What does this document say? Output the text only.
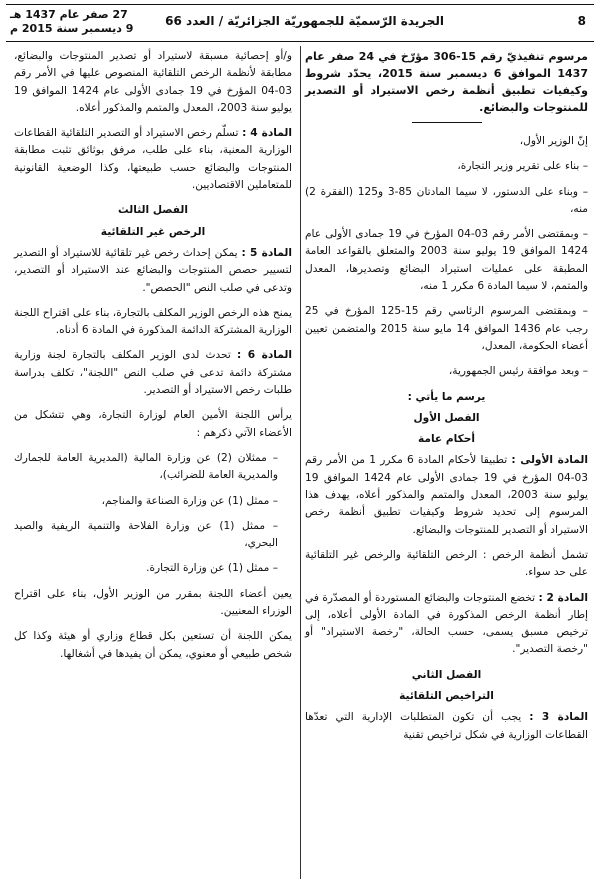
8
الجريدة الرّسميّة للجمهوريّة الجزائريّة / العدد 66
27 صفر عام 1437 هـ
9 ديسمبر سنة 2015 م

مرسوم تنفيذيّ رقم 15-306 مؤرّخ في 24 صفر عام 1437 الموافق 6 ديسمبر سنة 2015، يحدّد شروط وكيفيات تطبيق أنظمة رخص الاستيراد أو التصدير للمنتوجات والبضائع.

إنّ الوزير الأول،

– بناء على تقرير وزير التجارة،

– وبناء على الدستور، لا سيما المادتان 85-3 و125 (الفقرة 2) منه،

– وبمقتضى الأمر رقم 03-04 المؤرخ في 19 جمادى الأولى عام 1424 الموافق 19 يوليو سنة 2003 والمتعلق بالقواعد العامة المطبقة على عمليات استيراد البضائع وتصديرها، المعدل والمتمم، لا سيما المادة 6 مكرر 1 منه،

– وبمقتضى المرسوم الرئاسي رقم 15-125 المؤرخ في 25 رجب عام 1436 الموافق 14 مايو سنة 2015 والمتضمن تعيين أعضاء الحكومة، المعدل،

– وبعد موافقة رئيس الجمهورية،

يرسم ما يأتي :

الفصل الأول
أحكام عامة

المادة الأولى : تطبيقا لأحكام المادة 6 مكرر 1 من الأمر رقم 03-04 المؤرخ في 19 جمادى الأولى عام 1424 الموافق 19 يوليو سنة 2003، المعدل والمتمم والمذكور أعلاه، يهدف هذا المرسوم إلى تحديد شروط وكيفيات تطبيق أنظمة رخص الاستيراد أو التصدير للمنتوجات والبضائع.

تشمل أنظمة الرخص : الرخص التلقائية والرخص غير التلقائية على حد سواء.

المادة 2 : تخضع المنتوجات والبضائع المستوردة أو المصدّرة في إطار أنظمة الرخص المذكورة في المادة الأولى أعلاه، إلى ترخيص مسبق يسمى، حسب الحالة، "رخصة الاستيراد" أو "رخصة التصدير".

الفصل الثاني
التراخيص التلقائية

المادة 3 : يجب أن تكون المتطلبات الإدارية التي تعدّها القطاعات الوزارية في شكل تراخيص تقنية

و/أو إحصائية مسبقة لاستيراد أو تصدير المنتوجات والبضائع، مطابقة لأنظمة الرخص التلقائية المنصوص عليها في الأمر رقم 03-04 المؤرخ في 19 جمادى الأولى عام 1424 الموافق 19 يوليو سنة 2003، المعدل والمتمم والمذكور أعلاه.

المادة 4 : تسلّم رخص الاستيراد أو التصدير التلقائية القطاعات الوزارية المعنية، بناء على طلب، مرفق بوثائق تثبت مطابقة المنتوجات والبضائع حسب طبيعتها، وكذا الوضعية القانونية للمتعاملين الاقتصاديين.

الفصل الثالث
الرخص غير التلقائية

المادة 5 : يمكن إحداث رخص غير تلقائية للاستيراد أو التصدير لتسيير حصص المنتوجات والبضائع عند الاستيراد أو التصدير، وتدعى في صلب النص "الحصص".

يمنح هذه الرخص الوزير المكلف بالتجارة، بناء على اقتراح اللجنة الوزارية المشتركة الدائمة المذكورة في المادة 6 أدناه.

المادة 6 : تحدث لدى الوزير المكلف بالتجارة لجنة وزارية مشتركة دائمة تدعى في صلب النص "اللجنة"، تكلف بدراسة طلبات رخص الاستيراد أو التصدير.

يرأس اللجنة الأمين العام لوزارة التجارة، وهي تتشكل من الأعضاء الآتي ذكرهم :

– ممثلان (2) عن وزارة المالية (المديرية العامة للجمارك والمديرية العامة للضرائب)،

– ممثل (1) عن وزارة الصناعة والمناجم،

– ممثل (1) عن وزارة الفلاحة والتنمية الريفية والصيد البحري،

– ممثل (1) عن وزارة التجارة.

يعين أعضاء اللجنة بمقرر من الوزير الأول، بناء على اقتراح الوزراء المعنيين.

يمكن اللجنة أن تستعين بكل قطاع وزاري أو هيئة وكذا كل شخص طبيعي أو معنوي، يمكن أن يفيدها في أشغالها.
